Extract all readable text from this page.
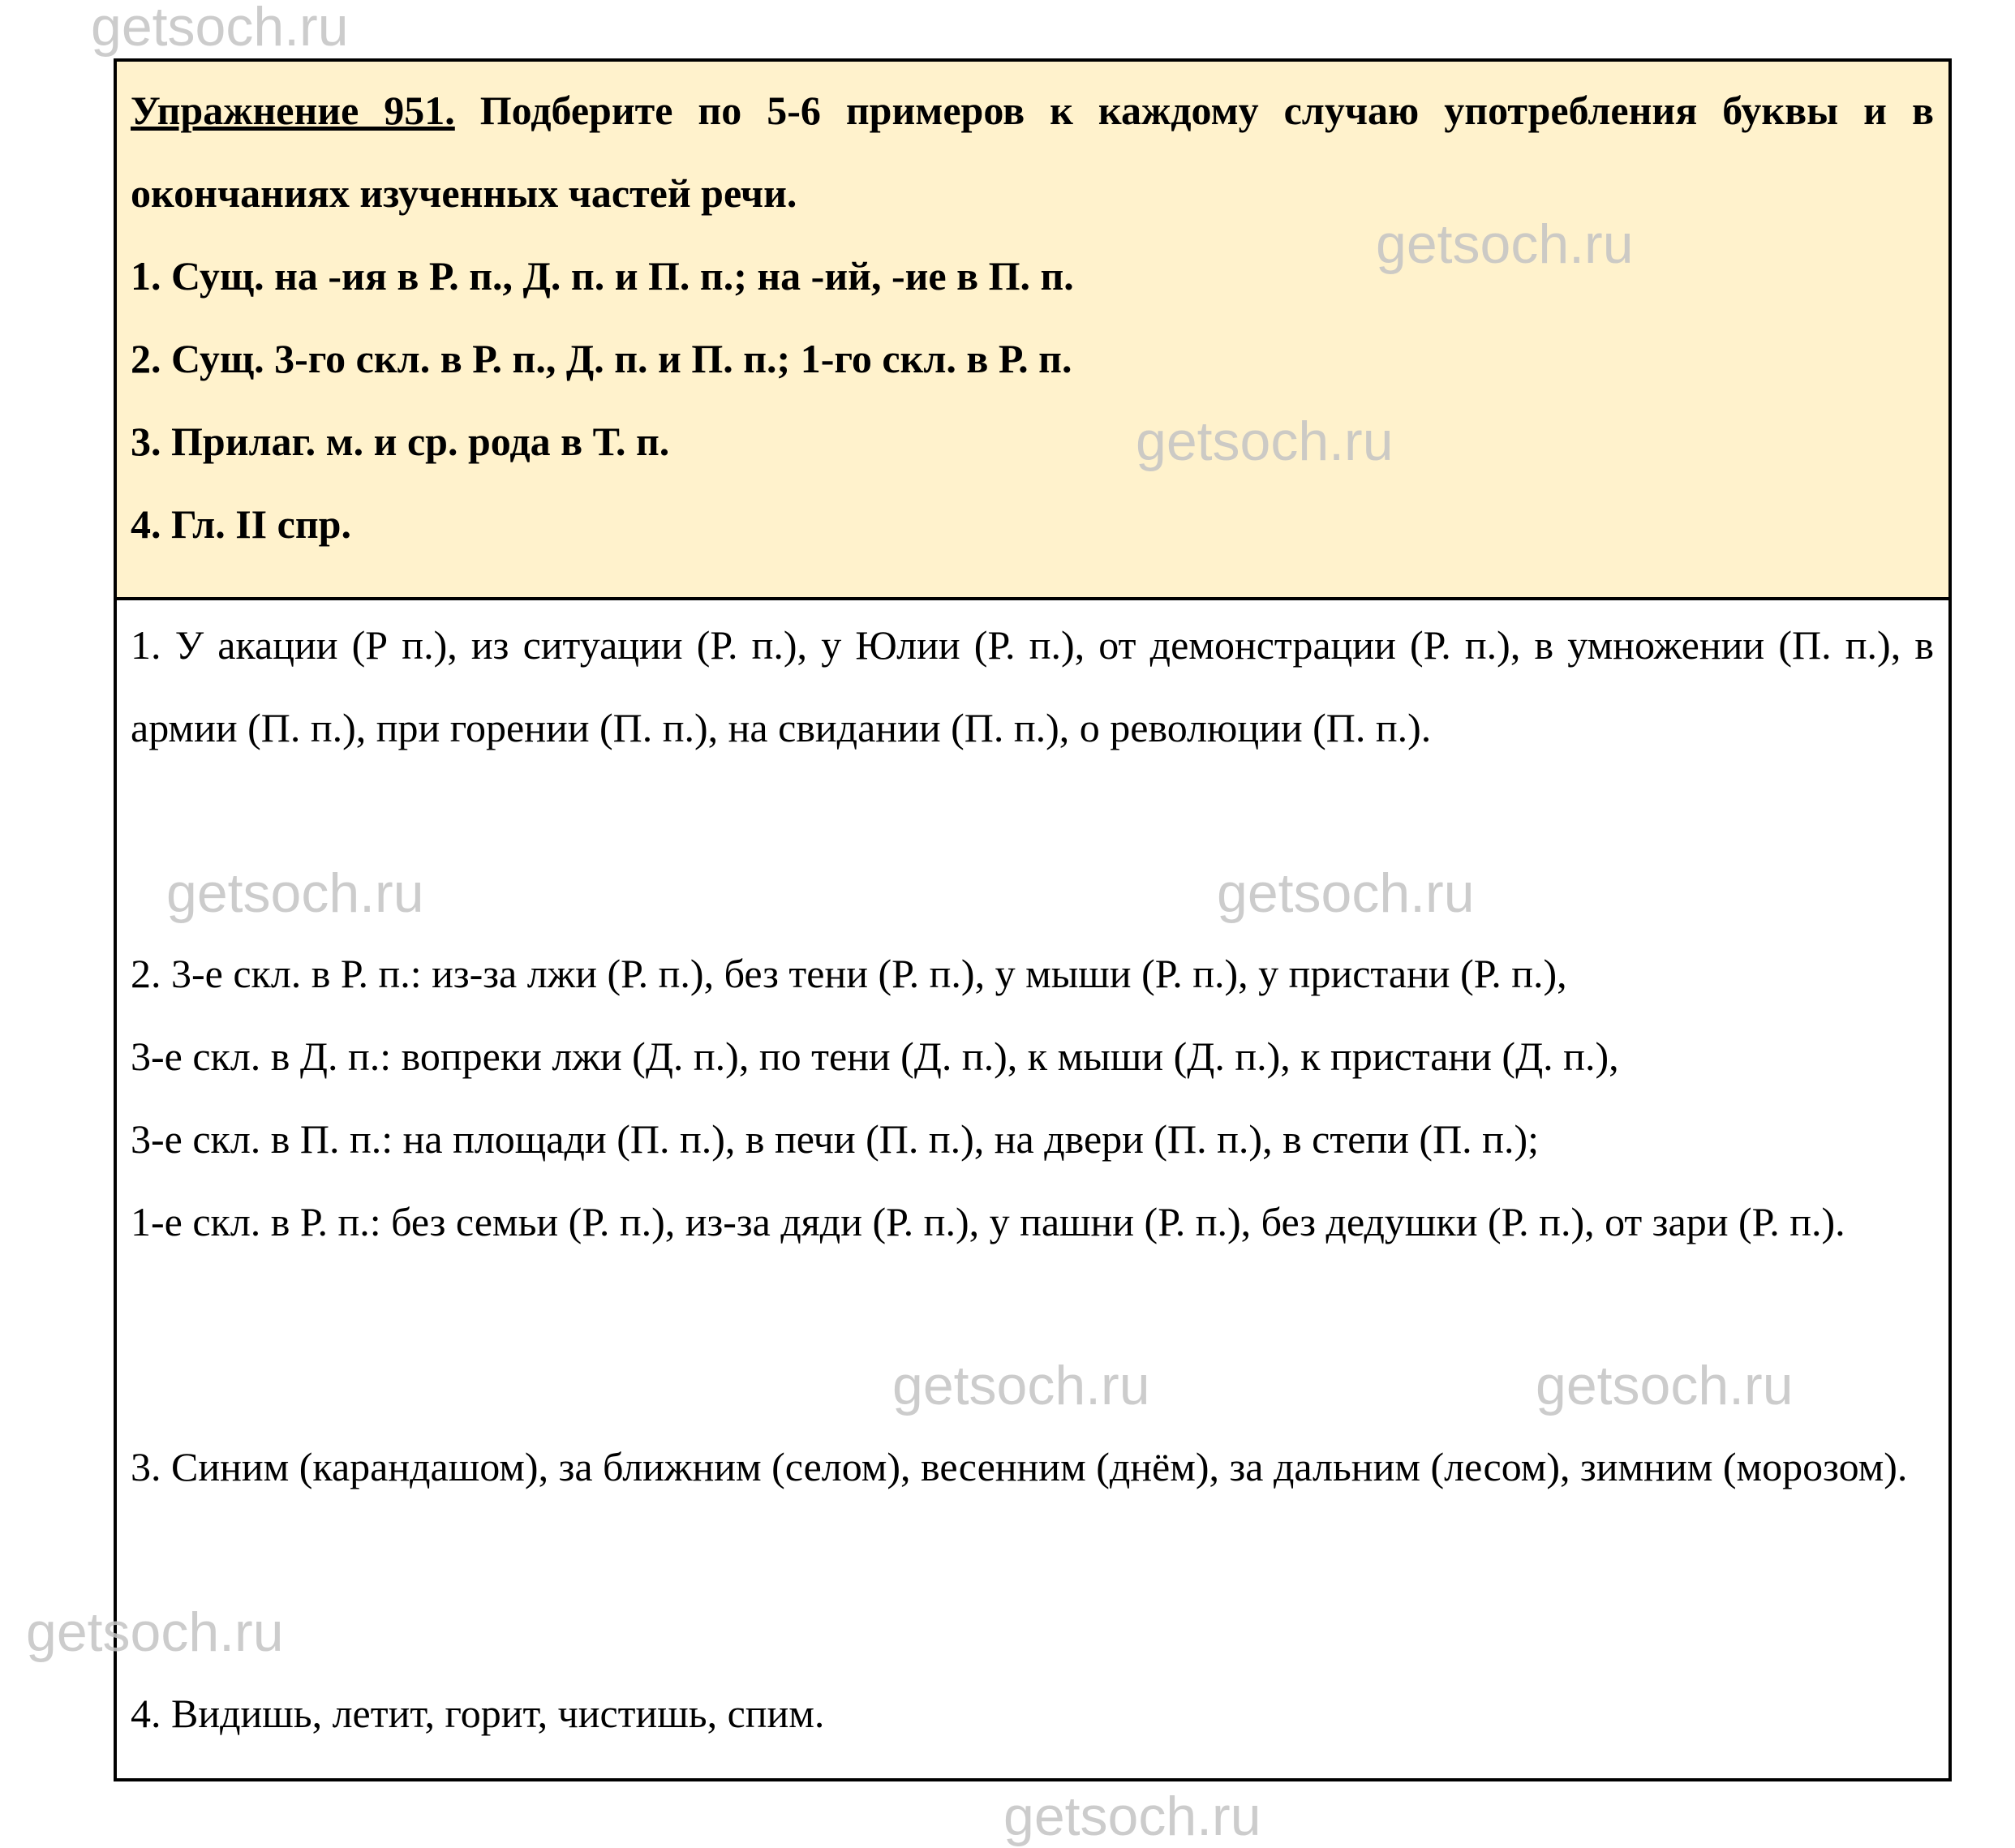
Упражнение 951. Подберите по 5-6 примеров к каждому случаю употребления буквы и в окончаниях изученных частей речи.
1. Сущ. на -ия в Р. п., Д. п. и П. п.; на -ий, -ие в П. п.
2. Сущ. 3-го скл. в Р. п., Д. п. и П. п.; 1-го скл. в Р. п.
3. Прилаг. м. и ср. рода в Т. п.
4. Гл. II спр.
1. У акации (Р п.), из ситуации (Р. п.), у Юлии (Р. п.), от демонстрации (Р. п.), в умножении (П. п.), в армии (П. п.), при горении (П. п.), на свидании (П. п.), о революции (П. п.).
2. 3-е скл. в Р. п.: из-за лжи (Р. п.), без тени (Р. п.), у мыши (Р. п.), у пристани (Р. п.),
3-е скл. в Д. п.: вопреки лжи (Д. п.), по тени (Д. п.), к мыши (Д. п.), к пристани (Д. п.),
3-е скл. в П. п.: на площади (П. п.), в печи (П. п.), на двери (П. п.), в степи (П. п.);
1-е скл. в Р. п.: без семьи (Р. п.), из-за дяди (Р. п.), у пашни (Р. п.), без дедушки (Р. п.), от зари (Р. п.).
3. Синим (карандашом), за ближним (селом), весенним (днём), за дальним (лесом), зимним (морозом).
4. Видишь, летит, горит, чистишь, спим.
getsoch.ru
getsoch.ru
getsoch.ru
getsoch.ru
getsoch.ru
getsoch.ru
getsoch.ru
getsoch.ru
getsoch.ru
